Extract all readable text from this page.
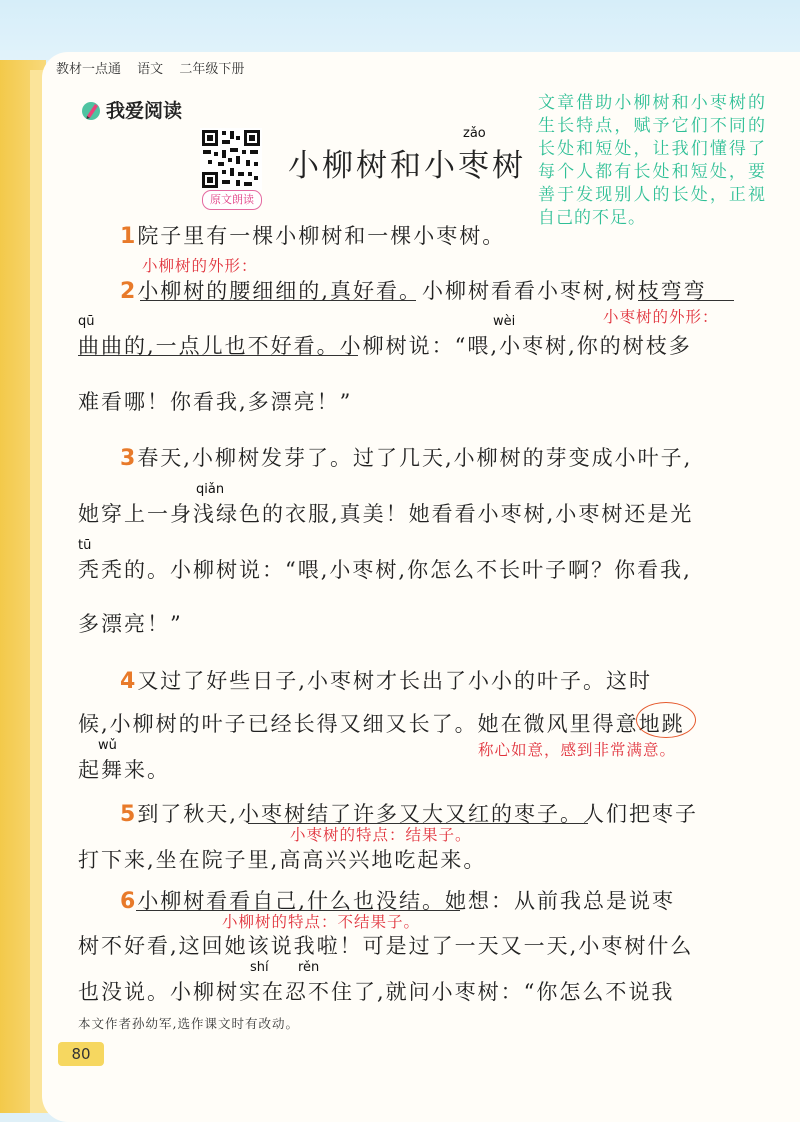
教材一点通 语文 二年级下册
我爱阅读
原文朗读
zǎo
小柳树和小枣树
文章借助小柳树和小枣树的生长特点，赋予它们不同的长处和短处，让我们懂得了每个人都有长处和短处，要善于发现别人的长处，正视自己的不足。
1院子里有一棵小柳树和一棵小枣树。
小柳树的外形：
2小柳树的腰细细的,真好看。小柳树看看小枣树,树枝弯弯
小枣树的外形：
qū	wèi
曲曲的,一点儿也不好看。小柳树说：“喂,小枣树,你的树枝多
难看哪！你看我,多漂亮！”
3春天,小柳树发芽了。过了几天,小柳树的芽变成小叶子,
qiǎn
她穿上一身浅绿色的衣服,真美！她看看小枣树,小枣树还是光
tū
秃秃的。小柳树说：“喂,小枣树,你怎么不长叶子啊？你看我,
多漂亮！”
4又过了好些日子,小枣树才长出了小小的叶子。这时
候,小柳树的叶子已经长得又细又长了。她在微风里得意地跳
称心如意，感到非常满意。
wǔ
起舞来。
5到了秋天,小枣树结了许多又大又红的枣子。人们把枣子
小枣树的特点：结果子。
打下来,坐在院子里,高高兴兴地吃起来。
6小柳树看看自己,什么也没结。她想：从前我总是说枣
小柳树的特点：不结果子。
树不好看,这回她该说我啦！可是过了一天又一天,小枣树什么
shí rěn
也没说。小柳树实在忍不住了,就问小枣树：“你怎么不说我
本文作者孙幼军,选作课文时有改动。
80
